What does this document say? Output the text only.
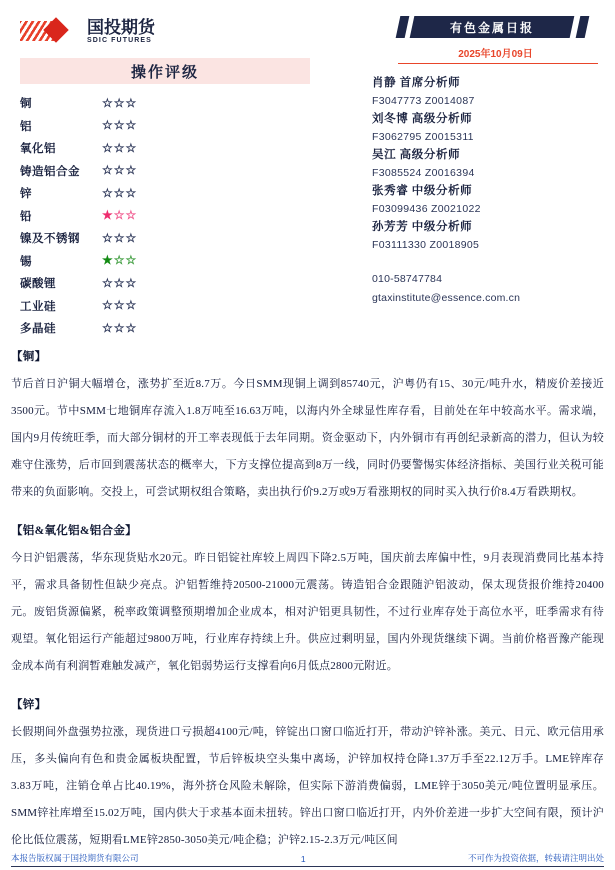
国投期货
SDIC FUTURES
操作评级
铜	☆☆☆
铝	☆☆☆
氧化铝	☆☆☆
铸造铝合金	☆☆☆
锌	☆☆☆
铅	★☆☆
镍及不锈钢	☆☆☆
锡	★☆☆
碳酸锂	☆☆☆
工业硅	☆☆☆
多晶硅	☆☆☆
有色金属日报
2025年10月09日
肖静 首席分析师
F3047773 Z0014087
刘冬博 高级分析师
F3062795 Z0015311
吴江 高级分析师
F3085524 Z0016394
张秀睿 中级分析师
F03099436 Z0021022
孙芳芳 中级分析师
F03111330 Z0018905
010-58747784
gtaxinstitute@essence.com.cn
【铜】
节后首日沪铜大幅增仓，涨势扩至近8.7万。今日SMM现铜上调到85740元，沪粤仍有15、30元/吨升水，精废价差接近3500元。节中SMM七地铜库存流入1.8万吨至16.63万吨，以海内外全球显性库存看，目前处在年中较高水平。需求端，国内9月传统旺季，而大部分铜材的开工率表现低于去年同期。资金驱动下，内外铜市有再创纪录新高的潜力，但认为较难守住涨势，后市回到震荡状态的概率大，下方支撑位提高到8万一线，同时仍要警惕实体经济指标、美国行业关税可能带来的负面影响。交投上，可尝试期权组合策略，卖出执行价9.2万或9万看涨期权的同时买入执行价8.4万看跌期权。
【铝&氧化铝&铝合金】
今日沪铝震荡，华东现货贴水20元。昨日铝锭社库较上周四下降2.5万吨，国庆前去库偏中性，9月表现消费同比基本持平，需求具备韧性但缺少亮点。沪铝暂维持20500-21000元震荡。铸造铝合金跟随沪铝波动，保太现货报价维持20400元。废铝货源偏紧，税率政策调整预期增加企业成本，相对沪铝更具韧性，不过行业库存处于高位水平，旺季需求有待观望。氧化铝运行产能超过9800万吨，行业库存持续上升。供应过剩明显，国内外现货继续下调。当前价格晋豫产能现金成本尚有利润暂难触发减产，氧化铝弱势运行支撑看向6月低点2800元附近。
【锌】
长假期间外盘强势拉涨，现货进口亏损超4100元/吨，锌锭出口窗口临近打开，带动沪锌补涨。美元、日元、欧元信用承压，多头偏向有色和贵金属板块配置，节后锌板块空头集中离场，沪锌加权持仓降1.37万手至22.12万手。LME锌库存3.83万吨，注销仓单占比40.19%，海外挤仓风险未解除，但实际下游消费偏弱，LME锌于3050美元/吨位置明显承压。SMM锌社库增至15.02万吨，国内供大于求基本面未扭转。锌出口窗口临近打开，内外价差进一步扩大空间有限，预计沪伦比低位震荡，短期看LME锌2850-3050美元/吨企稳；沪锌2.15-2.3万元/吨区间
本报告版权属于国投期货有限公司	1	不可作为投资依据，转载请注明出处
